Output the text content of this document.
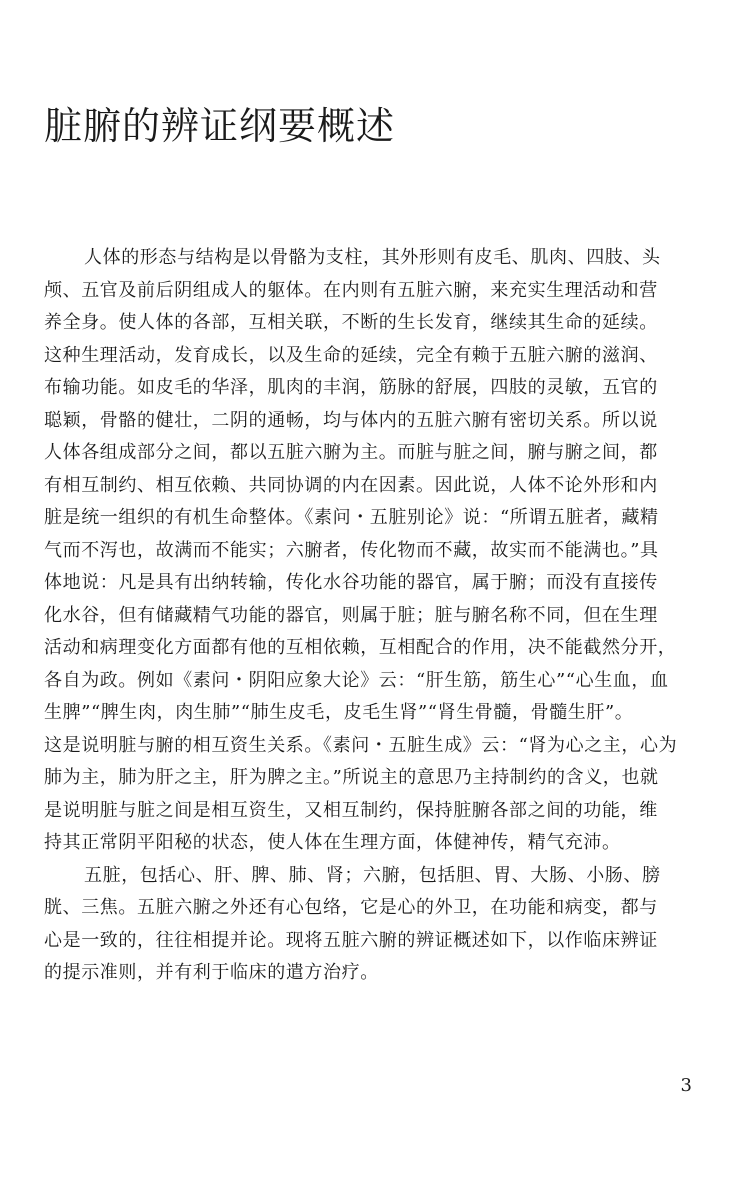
脏腑的辨证纲要概述
人体的形态与结构是以骨骼为支柱，其外形则有皮毛、肌肉、四肢、头
颅、五官及前后阴组成人的躯体。在内则有五脏六腑，来充实生理活动和营
养全身。使人体的各部，互相关联，不断的生长发育，继续其生命的延续。
这种生理活动，发育成长，以及生命的延续，完全有赖于五脏六腑的滋润、
布输功能。如皮毛的华泽，肌肉的丰润，筋脉的舒展，四肢的灵敏，五官的
聪颖，骨骼的健壮，二阴的通畅，均与体内的五脏六腑有密切关系。所以说
人体各组成部分之间，都以五脏六腑为主。而脏与脏之间，腑与腑之间，都
有相互制约、相互依赖、共同协调的内在因素。因此说，人体不论外形和内
脏是统一组织的有机生命整体。《素问・五脏别论》说：“所谓五脏者，藏精
气而不泻也，故满而不能实；六腑者，传化物而不藏，故实而不能满也。”具
体地说：凡是具有出纳转输，传化水谷功能的器官，属于腑；而没有直接传
化水谷，但有储藏精气功能的器官，则属于脏；脏与腑名称不同，但在生理
活动和病理变化方面都有他的互相依赖，互相配合的作用，决不能截然分开，
各自为政。例如《素问・阴阳应象大论》云：“肝生筋，筋生心”“心生血，血
生脾”“脾生肉，肉生肺”“肺生皮毛，皮毛生肾”“肾生骨髓，骨髓生肝”。
这是说明脏与腑的相互资生关系。《素问・五脏生成》云：“肾为心之主，心为
肺为主，肺为肝之主，肝为脾之主。”所说主的意思乃主持制约的含义，也就
是说明脏与脏之间是相互资生，又相互制约，保持脏腑各部之间的功能，维
持其正常阴平阳秘的状态，使人体在生理方面，体健神传，精气充沛。
五脏，包括心、肝、脾、肺、肾；六腑，包括胆、胃、大肠、小肠、膀
胱、三焦。五脏六腑之外还有心包络，它是心的外卫，在功能和病变，都与
心是一致的，往往相提并论。现将五脏六腑的辨证概述如下，以作临床辨证
的提示准则，并有利于临床的遣方治疗。
3
